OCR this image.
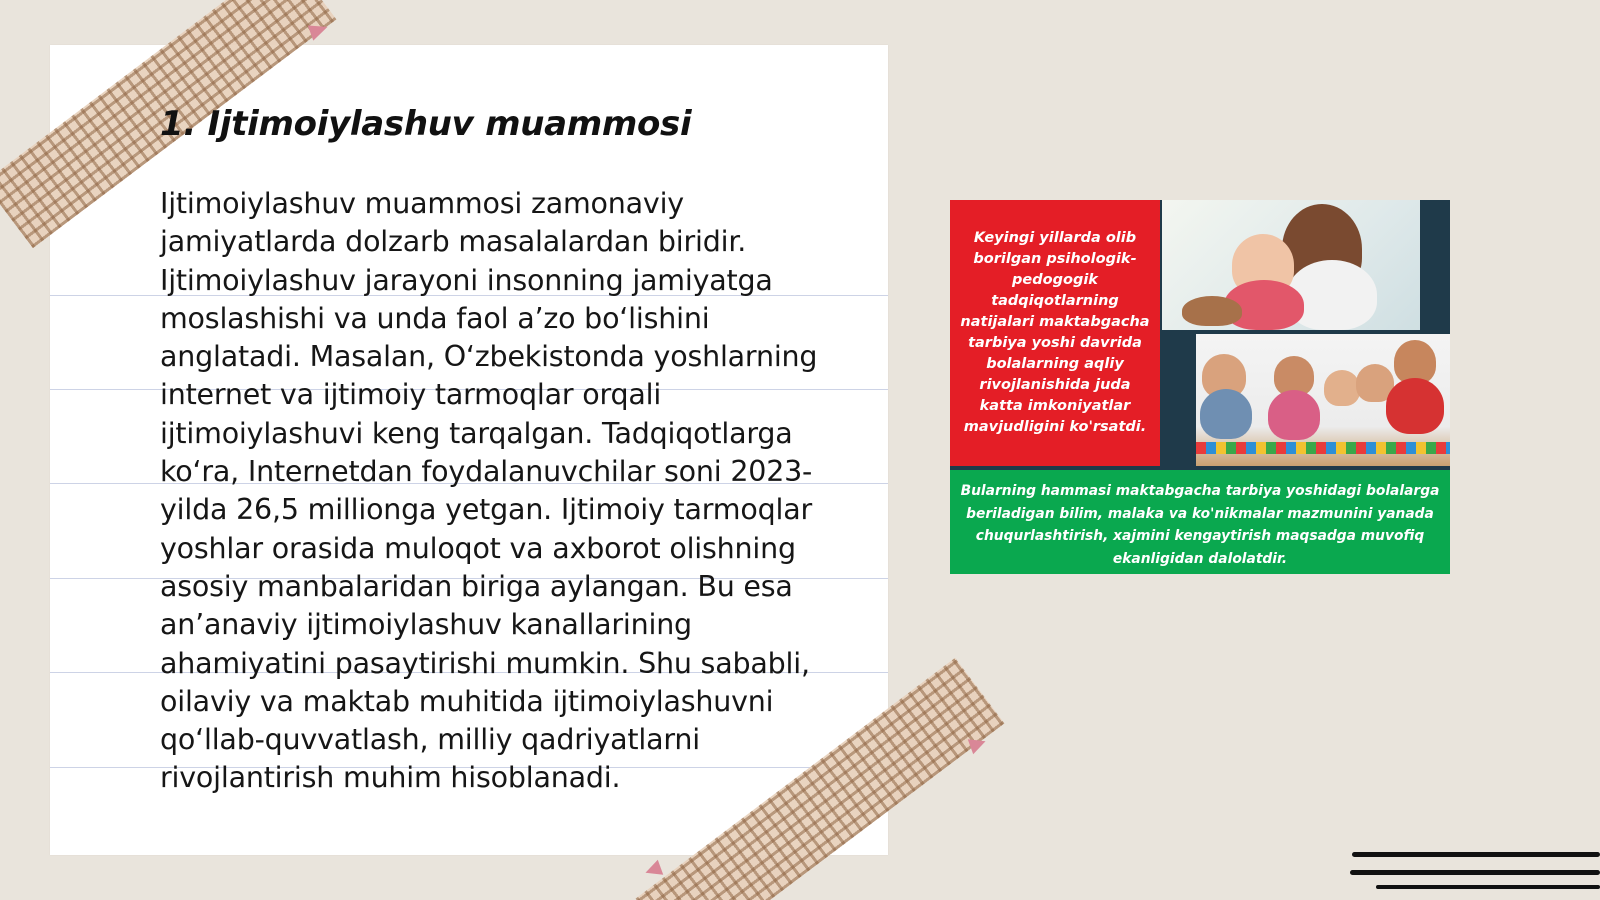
1. Ijtimoiylashuv muammosi

Ijtimoiylashuv muammosi zamonaviy jamiyatlarda dolzarb masalalardan biridir. Ijtimoiylashuv jarayoni insonning jamiyatga moslashishi va unda faol a’zo bo‘lishini anglatadi. Masalan, O‘zbekistonda yoshlarning internet va ijtimoiy tarmoqlar orqali ijtimoiylashuvi keng tarqalgan. Tadqiqotlarga ko‘ra, Internetdan foydalanuvchilar soni 2023-yilda 26,5 millionga yetgan. Ijtimoiy tarmoqlar yoshlar orasida muloqot va axborot olishning asosiy manbalaridan biriga aylangan. Bu esa an’anaviy ijtimoiylashuv kanallarining ahamiyatini pasaytirishi mumkin. Shu sababli, oilaviy va maktab muhitida ijtimoiylashuvni qo‘llab-quvvatlash, milliy qadriyatlarni rivojlantirish muhim hisoblanadi.

Keyingi yillarda olib borilgan psihologik-pedogogik tadqiqotlarning natijalari maktabgacha tarbiya yoshi davrida bolalarning aqliy rivojlanishida juda katta imkoniyatlar mavjudligini ko'rsatdi.
Bularning hammasi maktabgacha tarbiya yoshidagi bolalarga beriladigan bilim, malaka va ko'nikmalar mazmunini yanada chuqurlashtirish, xajmini kengaytirish maqsadga muvofiq ekanligidan dalolatdir.
